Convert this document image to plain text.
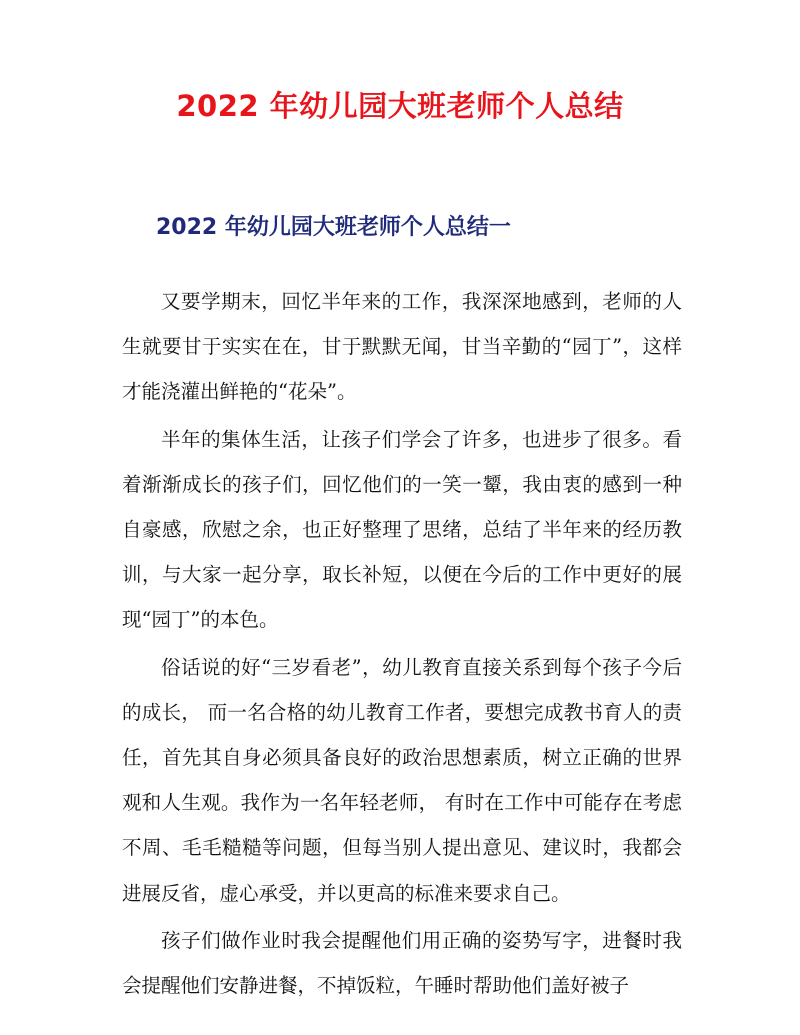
2022 年幼儿园大班老师个人总结
2022 年幼儿园大班老师个人总结一

又要学期末，回忆半年来的工作，我深深地感到，老师的人生就要甘于实实在在，甘于默默无闻，甘当辛勤的“园丁”，这样才能浇灌出鲜艳的“花朵”。

半年的集体生活，让孩子们学会了许多，也进步了很多。看着渐渐成长的孩子们，回忆他们的一笑一颦，我由衷的感到一种自豪感，欣慰之余，也正好整理了思绪，总结了半年来的经历教训，与大家一起分享，取长补短，以便在今后的工作中更好的展现“园丁”的本色。

俗话说的好“三岁看老”，幼儿教育直接关系到每个孩子今后的成长， 而一名合格的幼儿教育工作者，要想完成教书育人的责任，首先其自身必须具备良好的政治思想素质，树立正确的世界观和人生观。我作为一名年轻老师， 有时在工作中可能存在考虑不周、毛毛糙糙等问题，但每当别人提出意见、建议时，我都会进展反省，虚心承受，并以更高的标准来要求自己。

孩子们做作业时我会提醒他们用正确的姿势写字，进餐时我会提醒他们安静进餐，不掉饭粒，午睡时帮助他们盖好被子
